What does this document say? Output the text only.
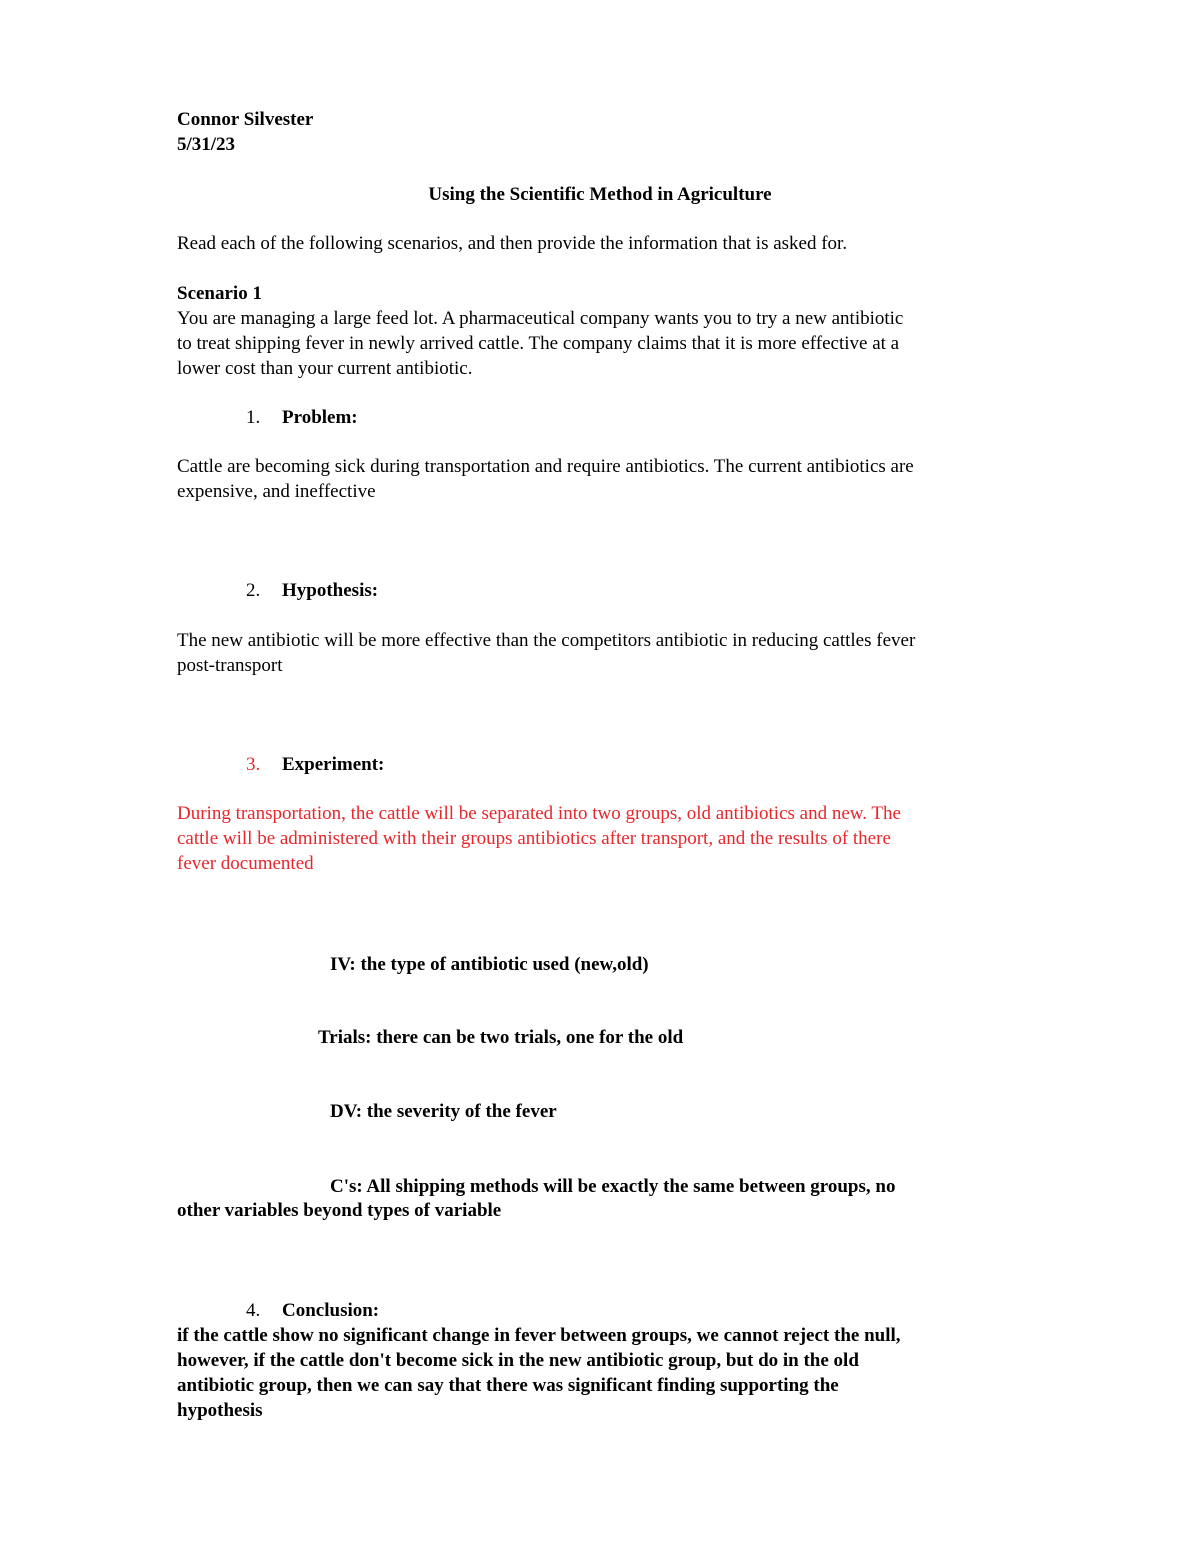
Connor Silvester
5/31/23
Using the Scientific Method in Agriculture
Read each of the following scenarios, and then provide the information that is asked for.
Scenario 1
You are managing a large feed lot. A pharmaceutical company wants you to try a new antibiotic
to treat shipping fever in newly arrived cattle. The company claims that it is more effective at a
lower cost than your current antibiotic.
1. Problem:
Cattle are becoming sick during transportation and require antibiotics. The current antibiotics are
expensive, and ineffective
2. Hypothesis:
The new antibiotic will be more effective than the competitors antibiotic in reducing cattles fever
post-transport
3. Experiment:
During transportation, the cattle will be separated into two groups, old antibiotics and new. The
cattle will be administered with their groups antibiotics after transport, and the results of there
fever documented
IV: the type of antibiotic used (new,old)
Trials: there can be two trials, one for the old
DV: the severity of the fever
C's: All shipping methods will be exactly the same between groups, no
other variables beyond types of variable
4. Conclusion:
if the cattle show no significant change in fever between groups, we cannot reject the null,
however, if the cattle don't become sick in the new antibiotic group, but do in the old
antibiotic group, then we can say that there was significant finding supporting the
hypothesis
